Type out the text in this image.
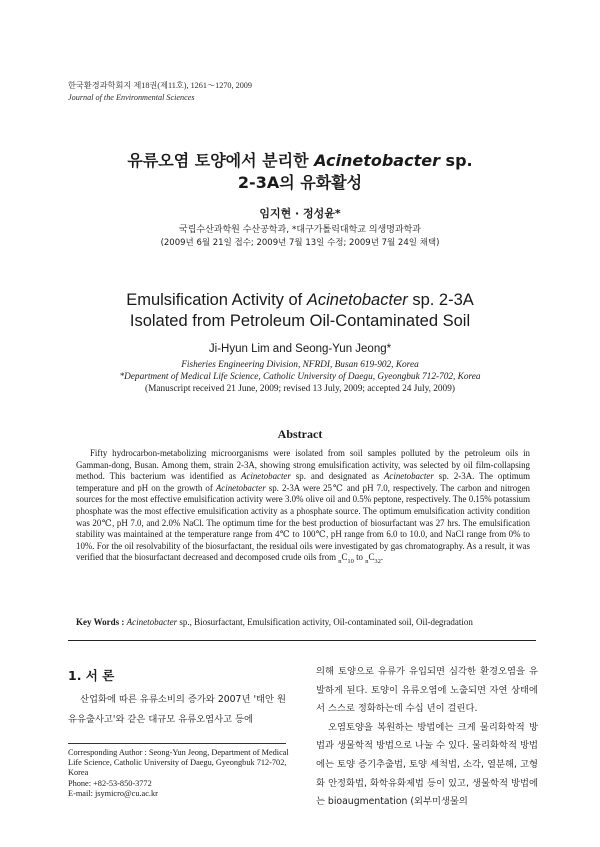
한국환경과학회지 제18권(제11호), 1261～1270, 2009
Journal of the Environmental Sciences
유류오염 토양에서 분리한 Acinetobacter sp.
2-3A의 유화활성
임지현 · 정성윤*
국립수산과학원 수산공학과, *대구가톨릭대학교 의생명과학과
(2009년 6월 21일 접수; 2009년 7월 13일 수정; 2009년 7월 24일 채택)
Emulsification Activity of Acinetobacter sp. 2-3A
Isolated from Petroleum Oil-Contaminated Soil
Ji-Hyun Lim and Seong-Yun Jeong*
Fisheries Engineering Division, NFRDI, Busan 619-902, Korea
*Department of Medical Life Science, Catholic University of Daegu, Gyeongbuk 712-702, Korea
(Manuscript received 21 June, 2009; revised 13 July, 2009; accepted 24 July, 2009)
Abstract
Fifty hydrocarbon-metabolizing microorganisms were isolated from soil samples polluted by the petroleum oils in Gamman-dong, Busan. Among them, strain 2-3A, showing strong emulsification activity, was selected by oil film-collapsing method. This bacterium was identified as Acinetobacter sp. and designated as Acinetobacter sp. 2-3A. The optimum temperature and pH on the growth of Acinetobacter sp. 2-3A were 25℃ and pH 7.0, respectively. The carbon and nitrogen sources for the most effective emulsification activity were 3.0% olive oil and 0.5% peptone, respectively. The 0.15% potassium phosphate was the most effective emulsification activity as a phosphate source. The optimum emulsification activity condition was 20℃, pH 7.0, and 2.0% NaCl. The optimum time for the best production of biosurfactant was 27 hrs. The emulsification stability was maintained at the temperature range from 4℃ to 100℃, pH range from 6.0 to 10.0, and NaCl range from 0% to 10%. For the oil resolvability of the biosurfactant, the residual oils were investigated by gas chromatography. As a result, it was verified that the biosurfactant decreased and decomposed crude oils from $_nC_{10}$ to $_nC_{32}$.
Key Words : Acinetobacter sp., Biosurfactant, Emulsification activity, Oil-contaminated soil, Oil-degradation
1. 서 론
산업화에 따른 유류소비의 증가와 2007년 '태안 원유유출사고'와 같은 대규모 유류오염사고 등에
의해 토양으로 유류가 유입되면 심각한 환경오염을 유발하게 된다. 토양이 유류오염에 노출되면 자연 상태에서 스스로 정화하는데 수십 년이 걸린다.
오염토양을 복원하는 방법에는 크게 물리화학적 방법과 생물학적 방법으로 나눌 수 있다. 물리화학적 방법에는 토양 증기추출법, 토양 세척법, 소각, 열분해, 고형화 안정화법, 화학유화제법 등이 있고, 생물학적 방법에는 bioaugmentation (외부미생물의
Corresponding Author : Seong-Yun Jeong, Department of Medical Life Science, Catholic University of Daegu, Gyeongbuk 712-702, Korea
Phone: +82-53-850-3772
E-mail: jsymicro@cu.ac.kr
